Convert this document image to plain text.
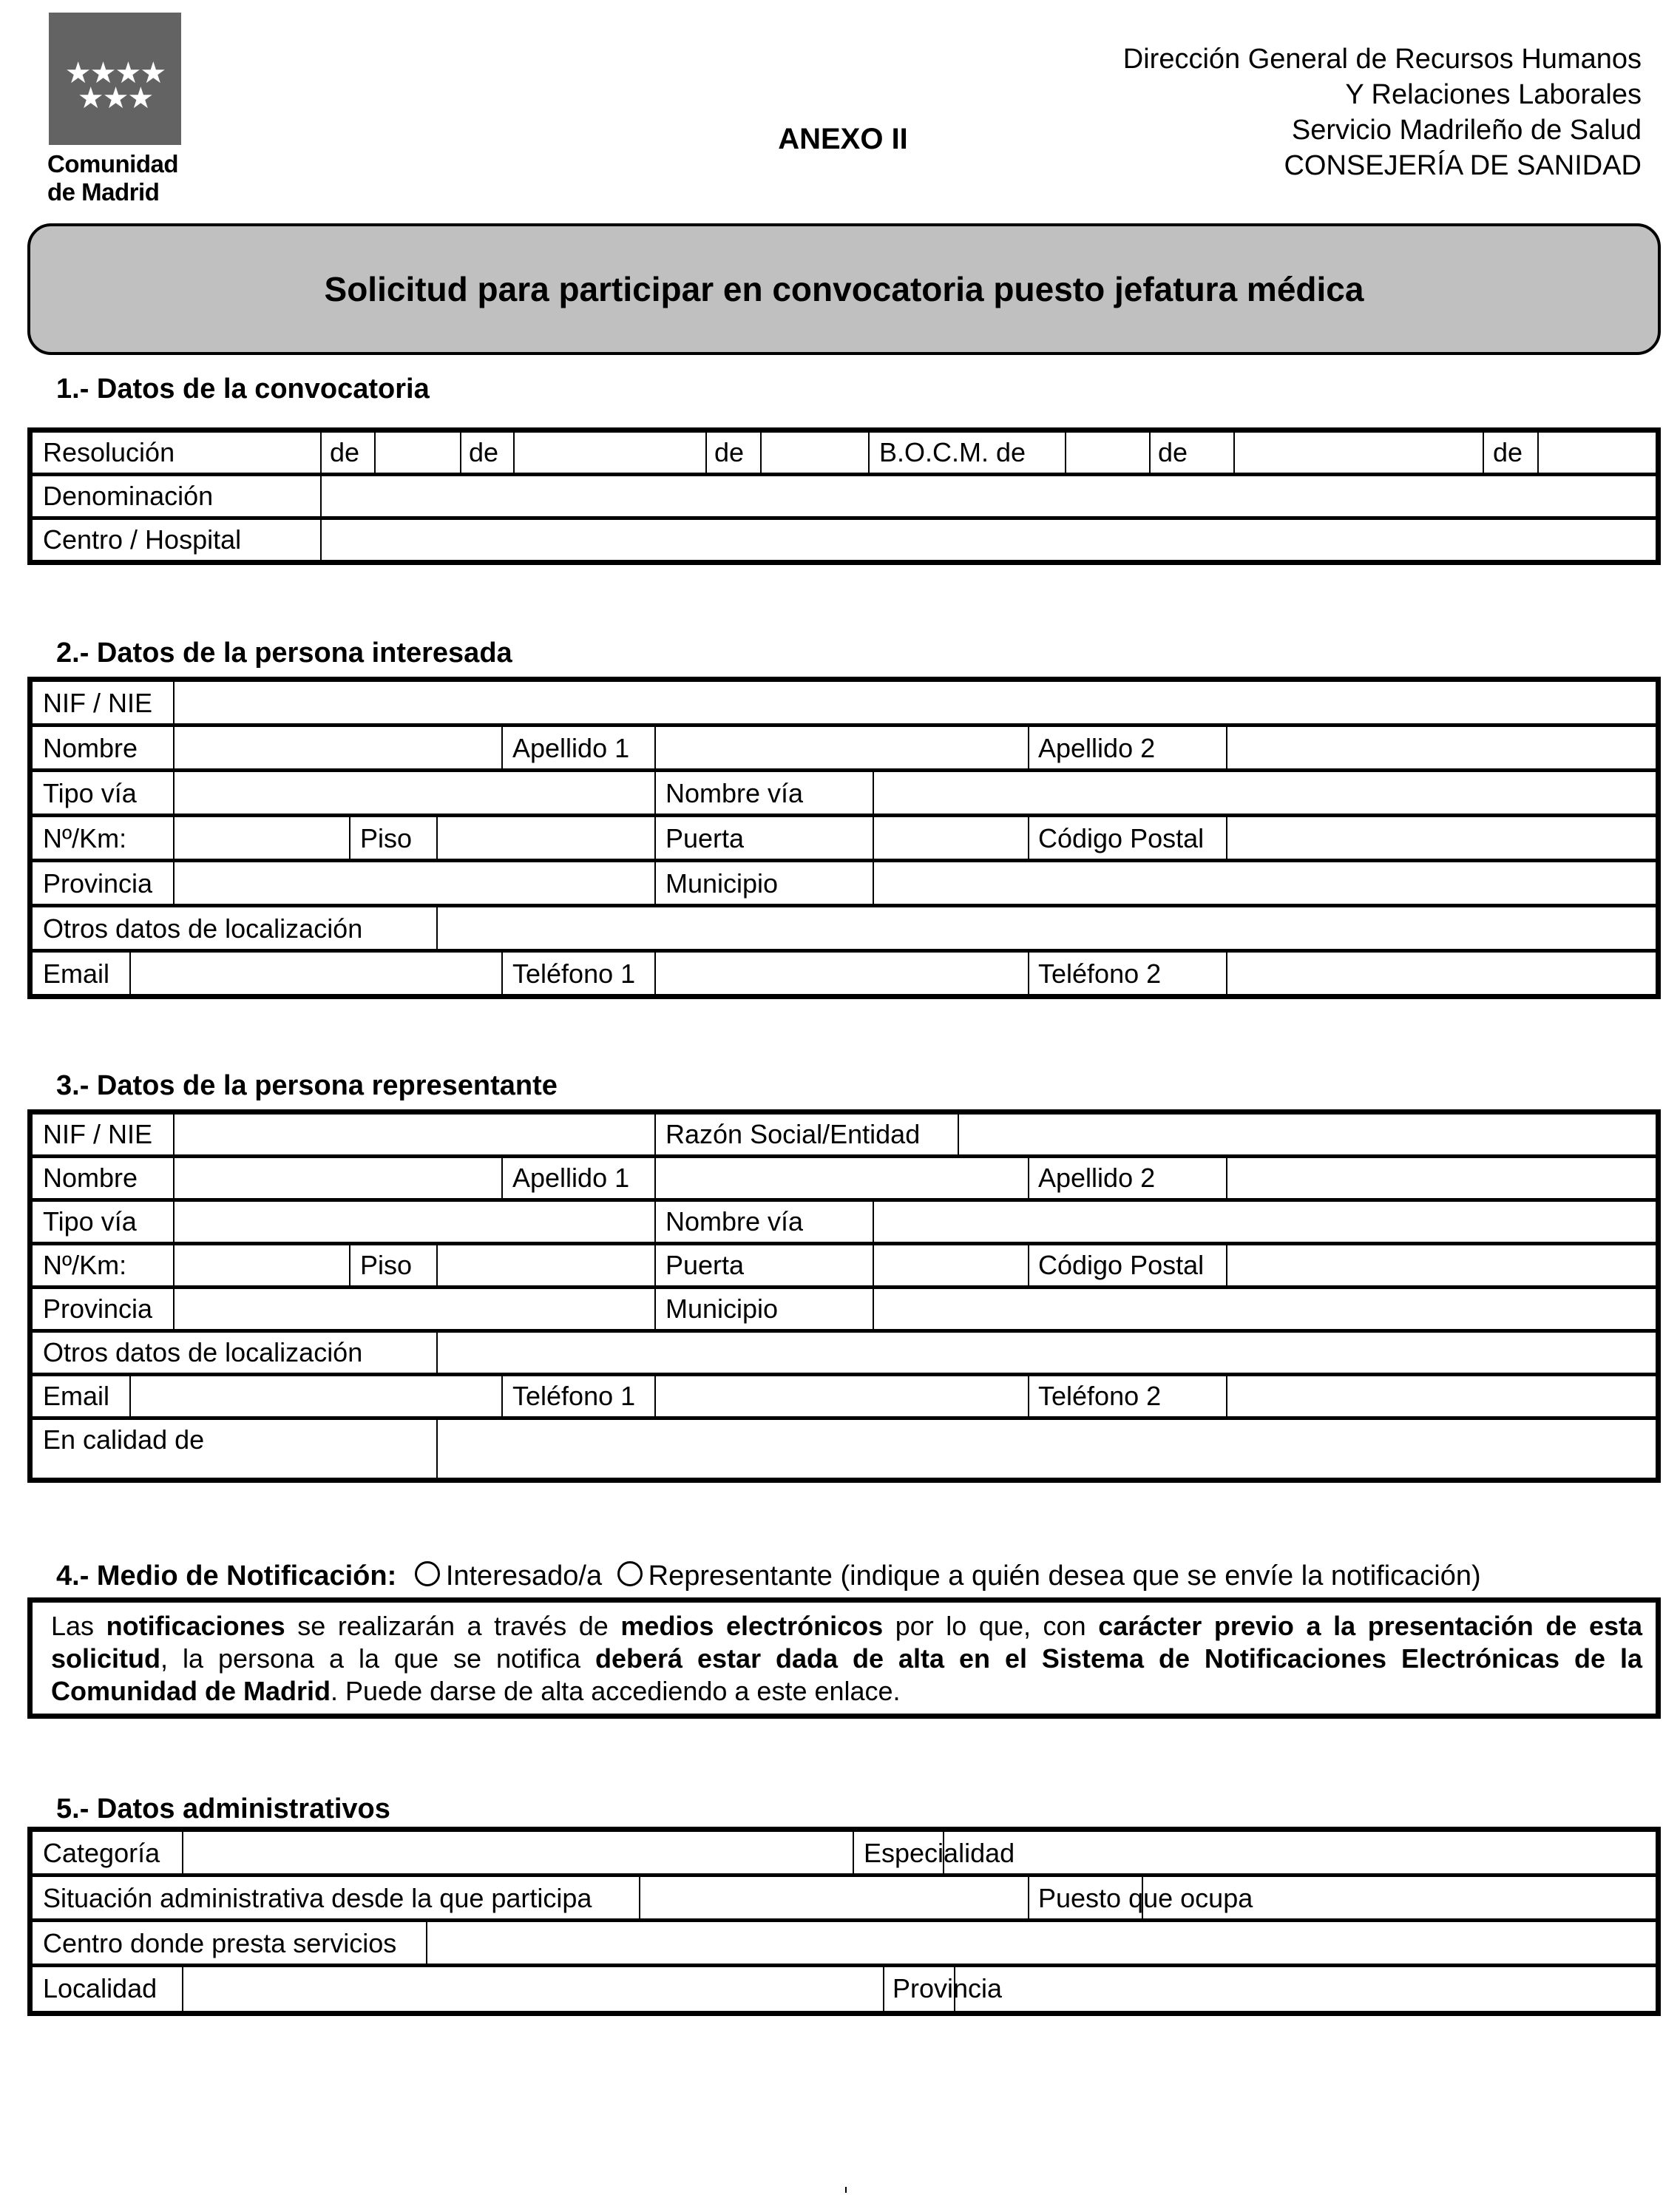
★★★★
★★★
Comunidad
de Madrid
ANEXO II
Dirección General de Recursos Humanos
Y Relaciones Laborales
Servicio Madrileño de Salud
CONSEJERÍA DE SANIDAD
Solicitud para participar en convocatoria puesto jefatura médica
1.- Datos de la convocatoria
Resolución	de	de	de	B.O.C.M. de	de	de
Denominación
Centro / Hospital
2.- Datos de la persona interesada
NIF / NIE
Nombre	Apellido 1	Apellido 2
Tipo vía	Nombre vía
Nº/Km:	Piso	Puerta	Código Postal
Provincia	Municipio
Otros datos de localización
Email	Teléfono 1	Teléfono 2
3.- Datos de la persona representante
NIF / NIE	Razón Social/Entidad
Nombre	Apellido 1	Apellido 2
Tipo vía	Nombre vía
Nº/Km:	Piso	Puerta	Código Postal
Provincia	Municipio
Otros datos de localización
Email	Teléfono 1	Teléfono 2
En calidad de
4.- Medio de Notificación: Interesado/a Representante (indique a quién desea que se envíe la notificación)
Las notificaciones se realizarán a través de medios electrónicos por lo que, con carácter previo a la presentación de esta solicitud, la persona a la que se notifica deberá estar dada de alta en el Sistema de Notificaciones Electrónicas de la Comunidad de Madrid. Puede darse de alta accediendo a este enlace.
5.- Datos administrativos
Categoría	Especialidad
Situación administrativa desde la que participa	Puesto que ocupa
Centro donde presta servicios
Localidad	Provincia
